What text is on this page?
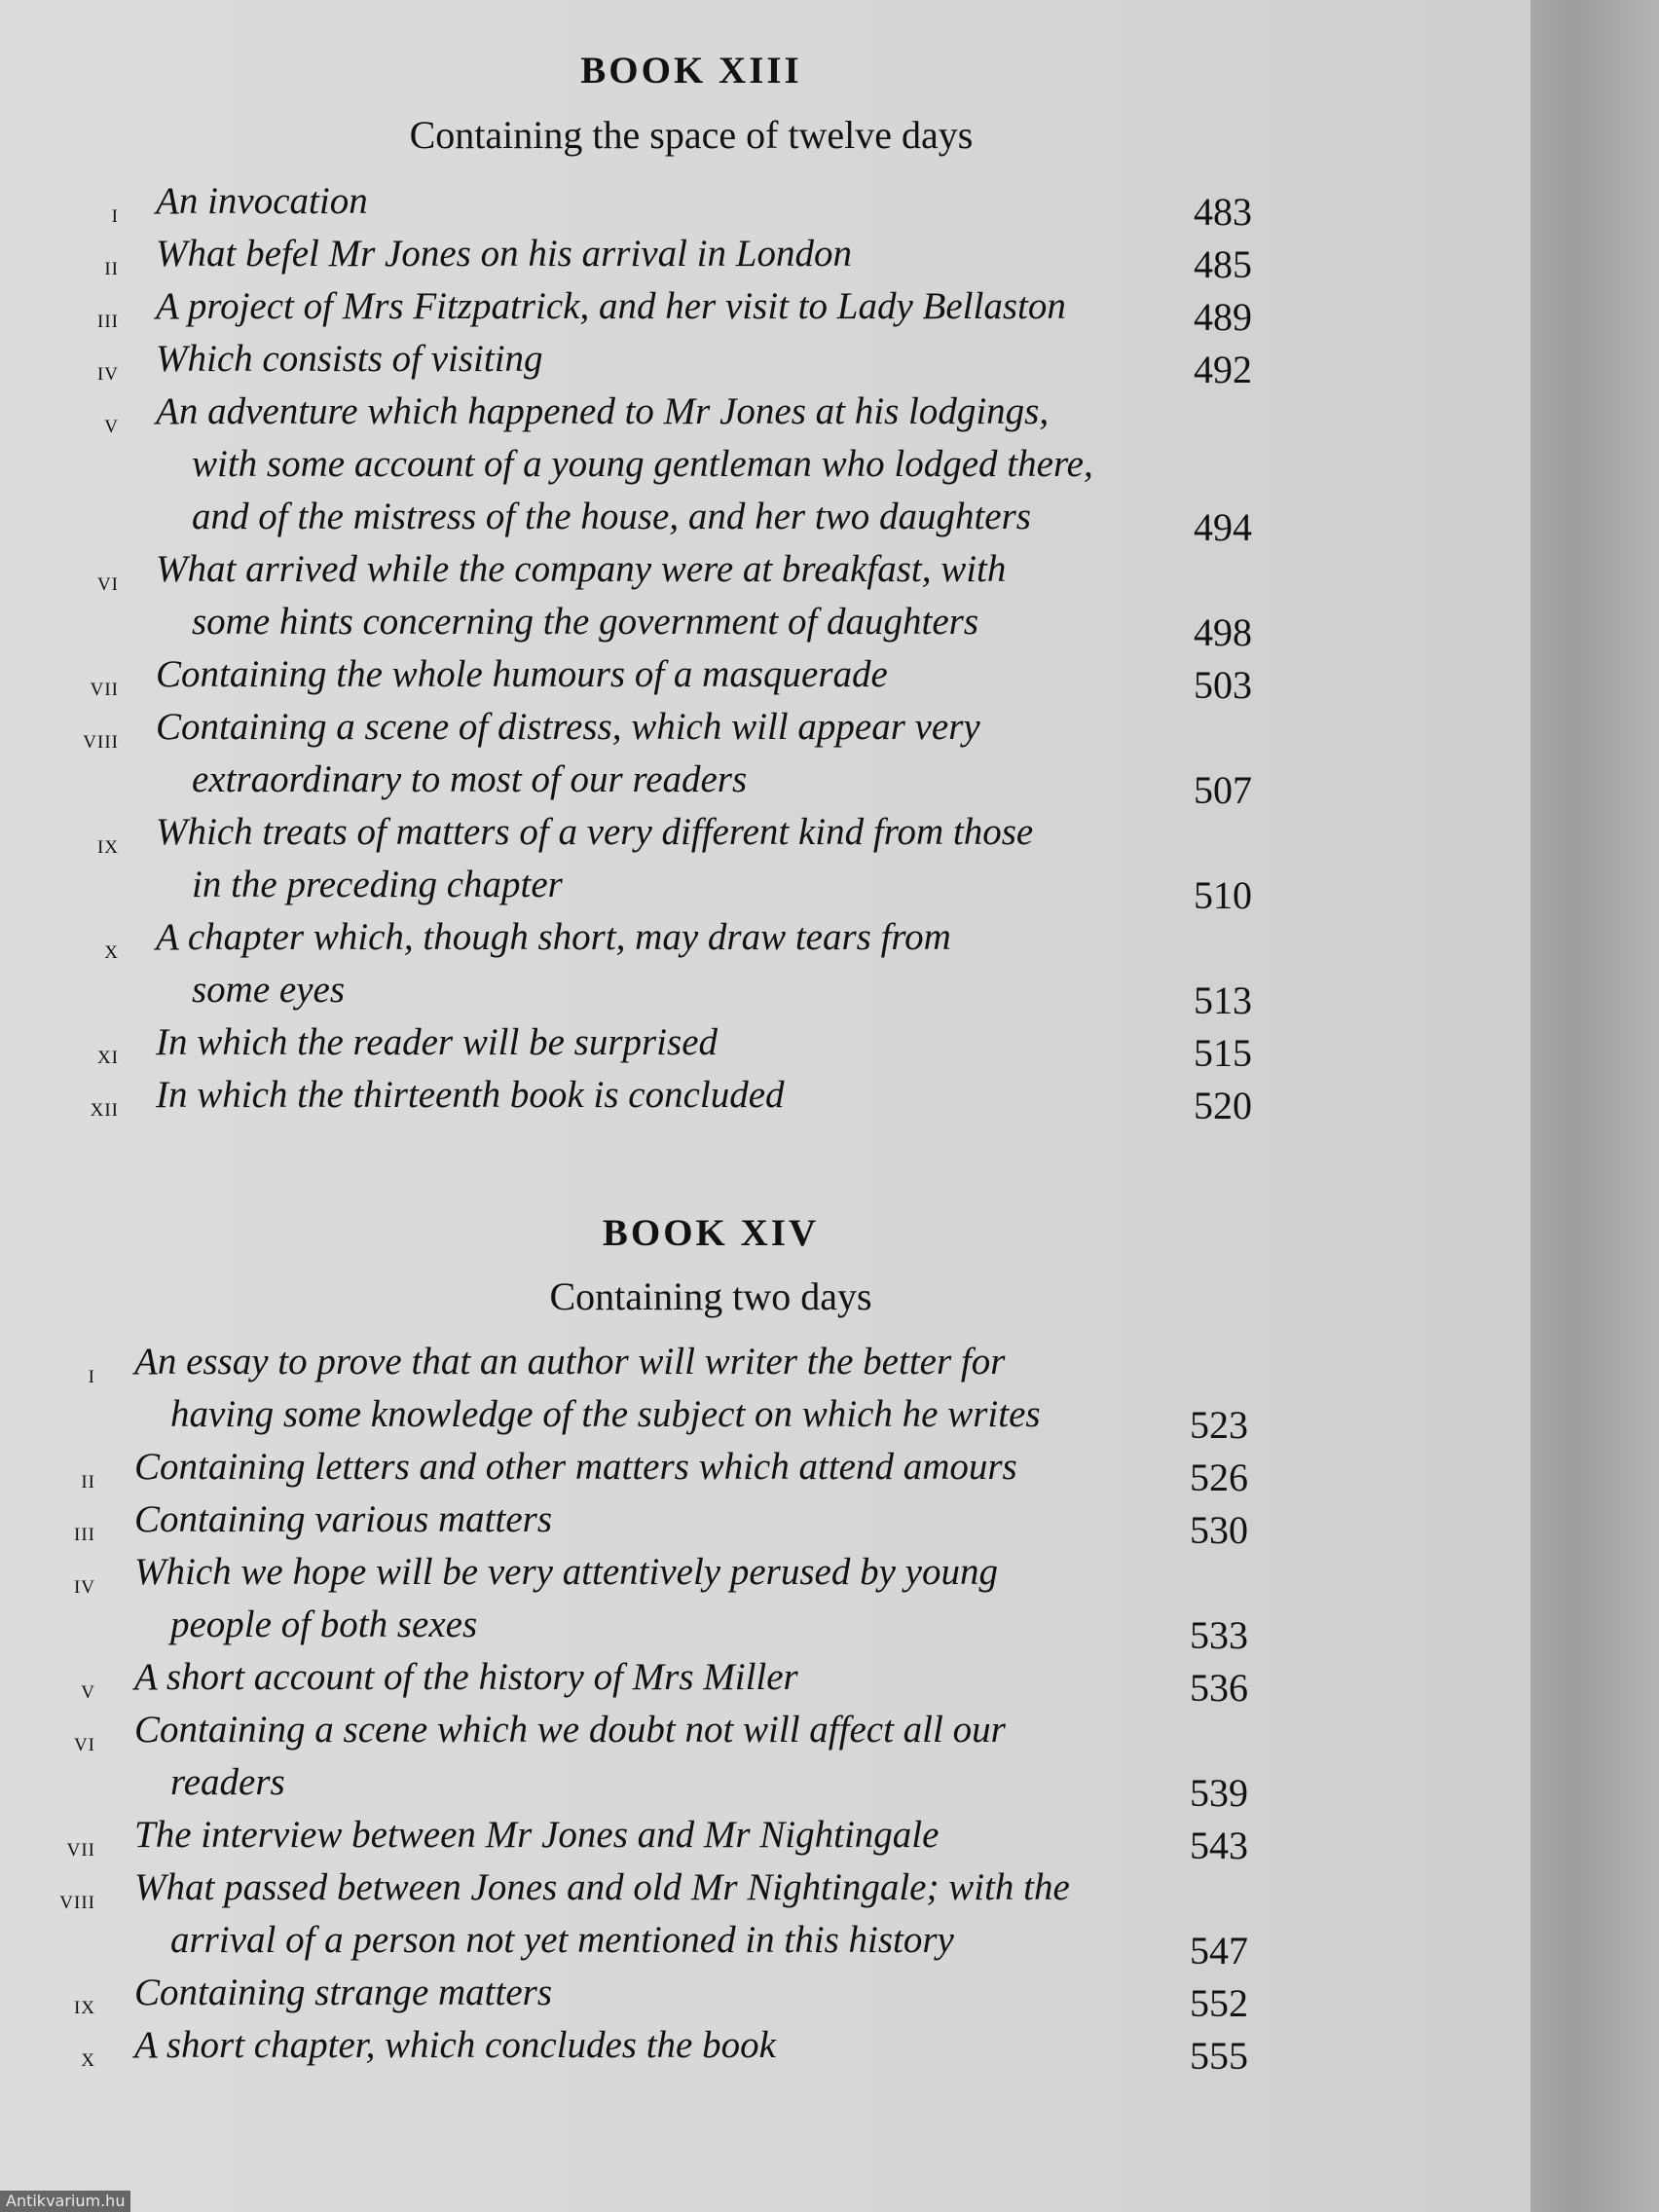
BOOK XIII
Containing the space of twelve days
i An invocation	483
ii What befel Mr Jones on his arrival in London	485
iii A project of Mrs Fitzpatrick, and her visit to Lady Bellaston	489
iv Which consists of visiting	492
v An adventure which happened to Mr Jones at his lodgings,
with some account of a young gentleman who lodged there,
and of the mistress of the house, and her two daughters	494
vi What arrived while the company were at breakfast, with
some hints concerning the government of daughters	498
vii Containing the whole humours of a masquerade	503
viii Containing a scene of distress, which will appear very
extraordinary to most of our readers	507
ix Which treats of matters of a very different kind from those
in the preceding chapter	510
x A chapter which, though short, may draw tears from
some eyes	513
xi In which the reader will be surprised	515
xii In which the thirteenth book is concluded	520
BOOK XIV
Containing two days
i An essay to prove that an author will writer the better for
having some knowledge of the subject on which he writes	523
ii Containing letters and other matters which attend amours	526
iii Containing various matters	530
iv Which we hope will be very attentively perused by young
people of both sexes	533
v A short account of the history of Mrs Miller	536
vi Containing a scene which we doubt not will affect all our
readers	539
vii The interview between Mr Jones and Mr Nightingale	543
viii What passed between Jones and old Mr Nightingale; with the
arrival of a person not yet mentioned in this history	547
ix Containing strange matters	552
x A short chapter, which concludes the book	555
Antikvarium.hu
